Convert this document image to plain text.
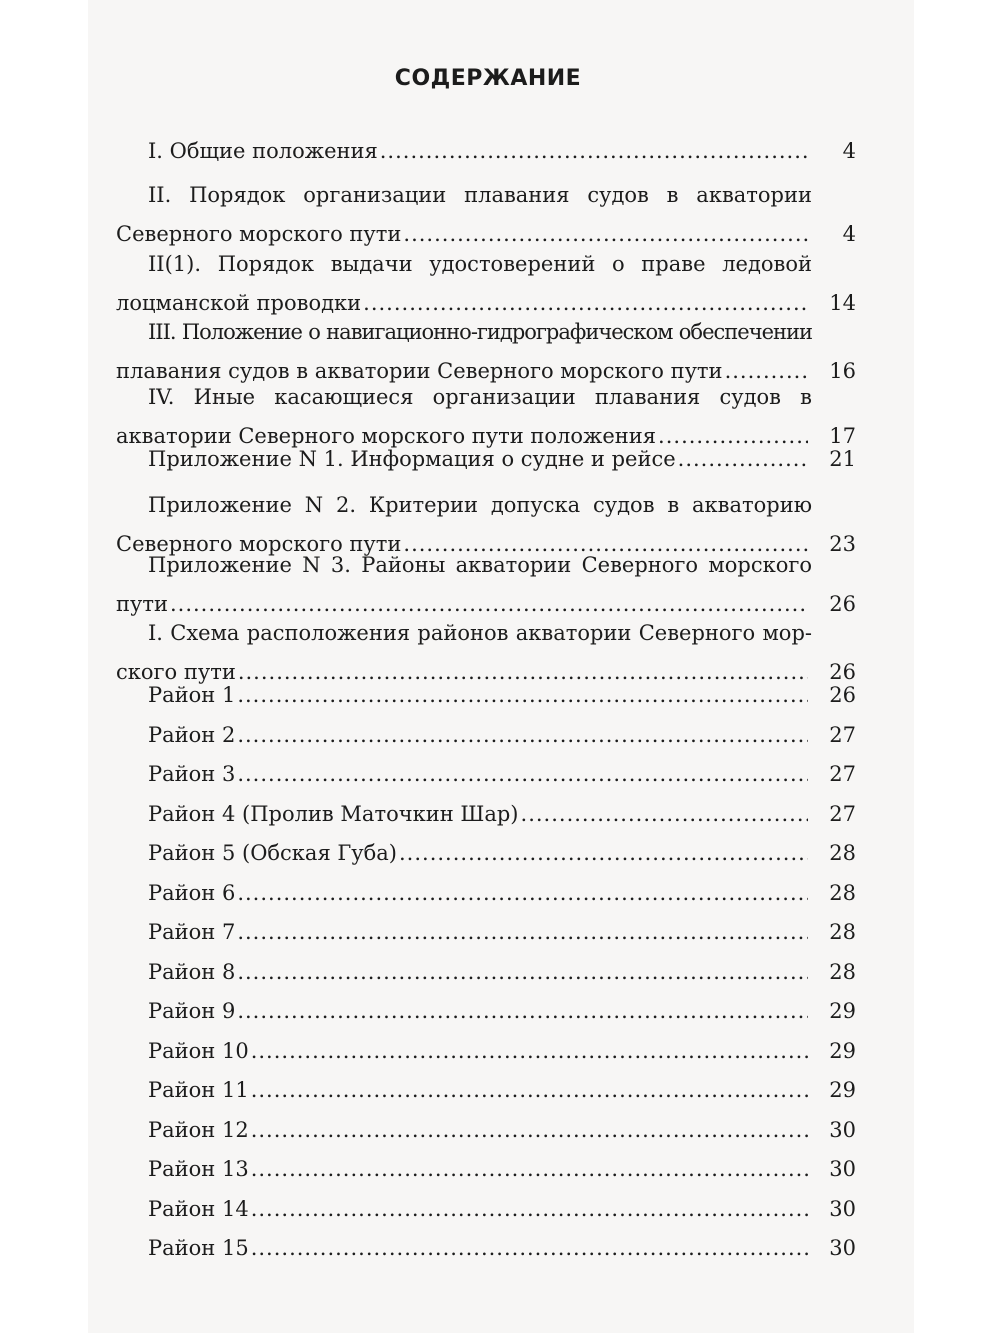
СОДЕРЖАНИЕ
I. Общие положения .....	4
II. Порядок организации плавания судов в акватории
Северного морского пути .....	4
II(1). Порядок выдачи удостоверений о праве ледовой
лоцманской проводки .....	14
III. Положение о навигационно-гидрографическом обеспечении
плавания судов в акватории Северного морского пути .....	16
IV. Иные касающиеся организации плавания судов в
акватории Северного морского пути положения .....	17
Приложение N 1. Информация о судне и рейсе .....	21
Приложение N 2. Критерии допуска судов в акваторию
Северного морского пути .....	23
Приложение N 3. Районы акватории Северного морского
пути .....	26
I. Схема расположения районов акватории Северного мор-
ского пути .....	26
Район 1 .....	26
Район 2 .....	27
Район 3 .....	27
Район 4 (Пролив Маточкин Шар) .....	27
Район 5 (Обская Губа) .....	28
Район 6 .....	28
Район 7 .....	28
Район 8 .....	28
Район 9 .....	29
Район 10 .....	29
Район 11 .....	29
Район 12 .....	30
Район 13 .....	30
Район 14 .....	30
Район 15 .....	30
